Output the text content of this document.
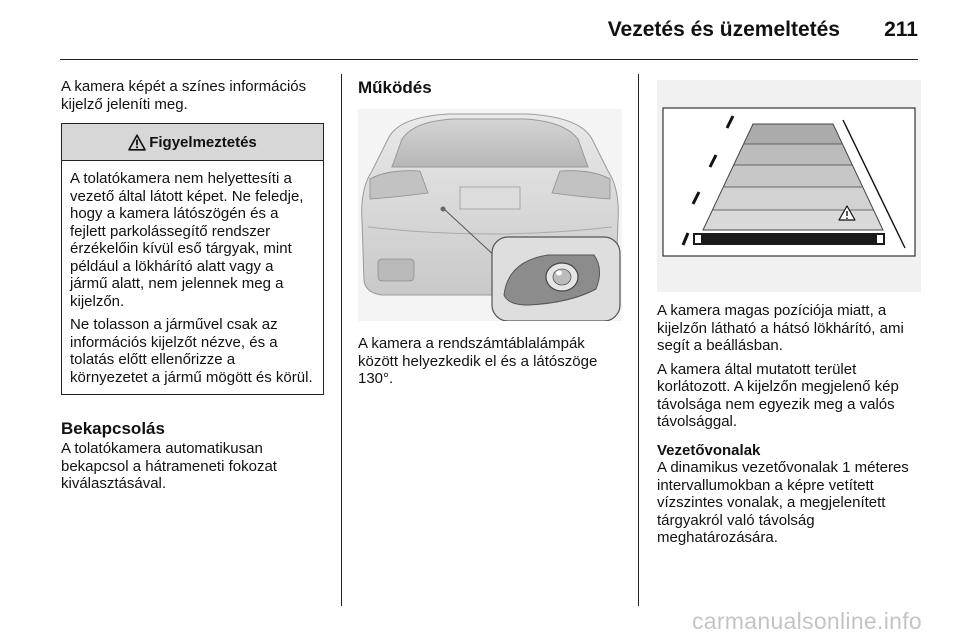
Vezetés és üzemeltetés 211

A kamera képét a színes információs kijelző jeleníti meg.

Figyelmeztetés

A tolatókamera nem helyettesíti a vezető által látott képet. Ne feledje, hogy a kamera látószögén és a fejlett parkolássegítő rendszer érzékelőin kívül eső tárgyak, mint például a lökhárító alatt vagy a jármű alatt, nem jelennek meg a kijelzőn.

Ne tolasson a járművel csak az információs kijelzőt nézve, és a tolatás előtt ellenőrizze a környezetet a jármű mögött és körül.

Bekapcsolás

A tolatókamera automatikusan bekapcsol a hátrameneti fokozat kiválasztásával.

Működés

A kamera a rendszámtáblalámpák között helyezkedik el és a látószöge 130°.

A kamera magas pozíciója miatt, a kijelzőn látható a hátsó lökhárító, ami segít a beállásban.

A kamera által mutatott terület korlátozott. A kijelzőn megjelenő kép távolsága nem egyezik meg a valós távolsággal.

Vezetővonalak

A dinamikus vezetővonalak 1 méteres intervallumokban a képre vetített vízszintes vonalak, a megjelenített tárgyakról való távolság meghatározására.

carmanualsonline.info
